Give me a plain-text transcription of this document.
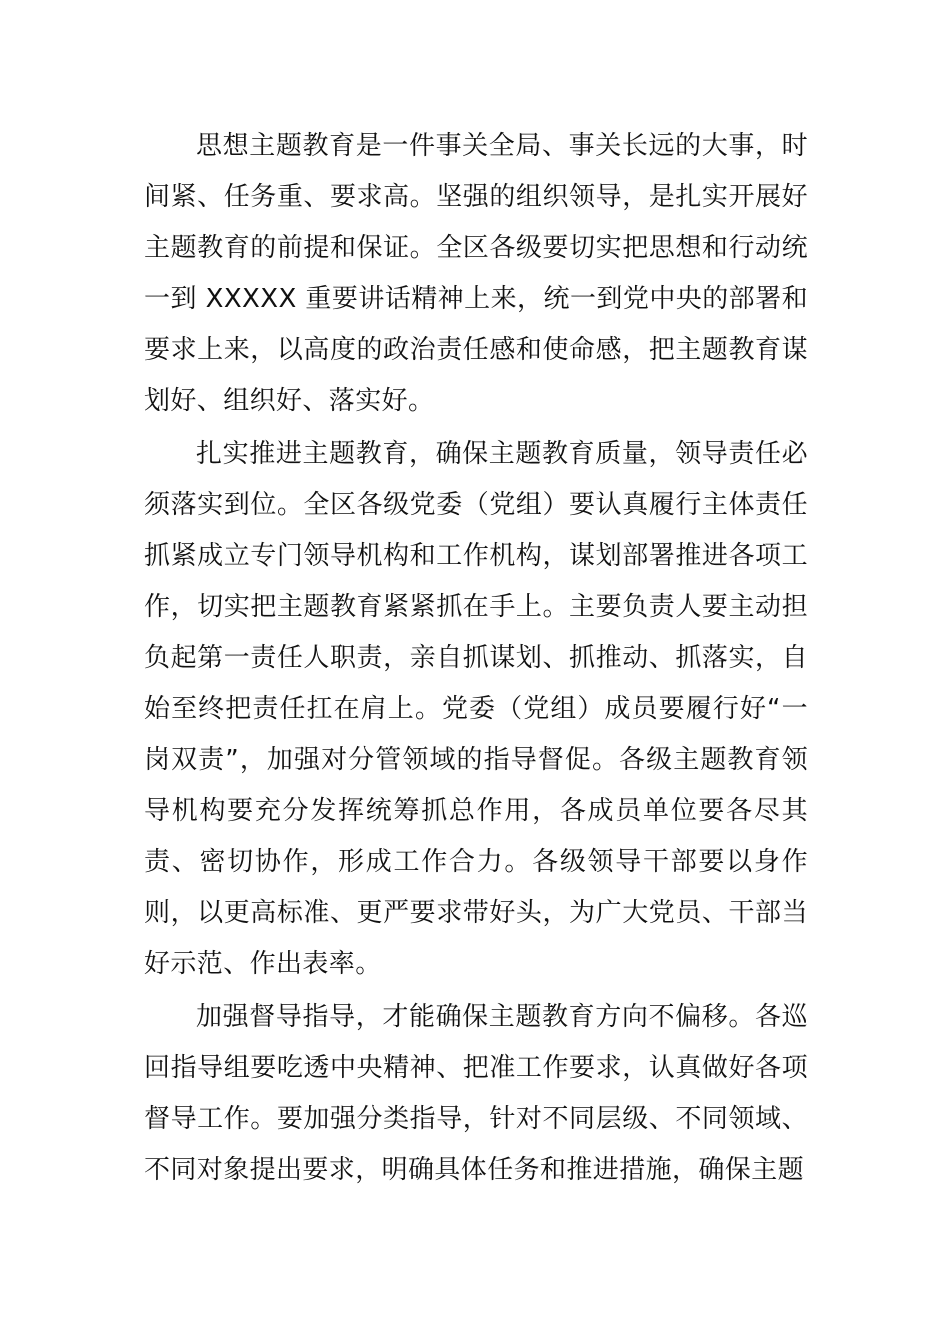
思想主题教育是一件事关全局、事关长远的大事，时间紧、任务重、要求高。坚强的组织领导，是扎实开展好主题教育的前提和保证。全区各级要切实把思想和行动统一到 XXXXX 重要讲话精神上来，统一到党中央的部署和要求上来，以高度的政治责任感和使命感，把主题教育谋划好、组织好、落实好。

扎实推进主题教育，确保主题教育质量，领导责任必须落实到位。全区各级党委（党组）要认真履行主体责任抓紧成立专门领导机构和工作机构，谋划部署推进各项工作，切实把主题教育紧紧抓在手上。主要负责人要主动担负起第一责任人职责，亲自抓谋划、抓推动、抓落实，自始至终把责任扛在肩上。党委（党组）成员要履行好“一岗双责”，加强对分管领域的指导督促。各级主题教育领导机构要充分发挥统筹抓总作用，各成员单位要各尽其责、密切协作，形成工作合力。各级领导干部要以身作则，以更高标准、更严要求带好头，为广大党员、干部当好示范、作出表率。

加强督导指导，才能确保主题教育方向不偏移。各巡回指导组要吃透中央精神、把准工作要求，认真做好各项督导工作。要加强分类指导，针对不同层级、不同领域、不同对象提出要求，明确具体任务和推进措施，确保主题
